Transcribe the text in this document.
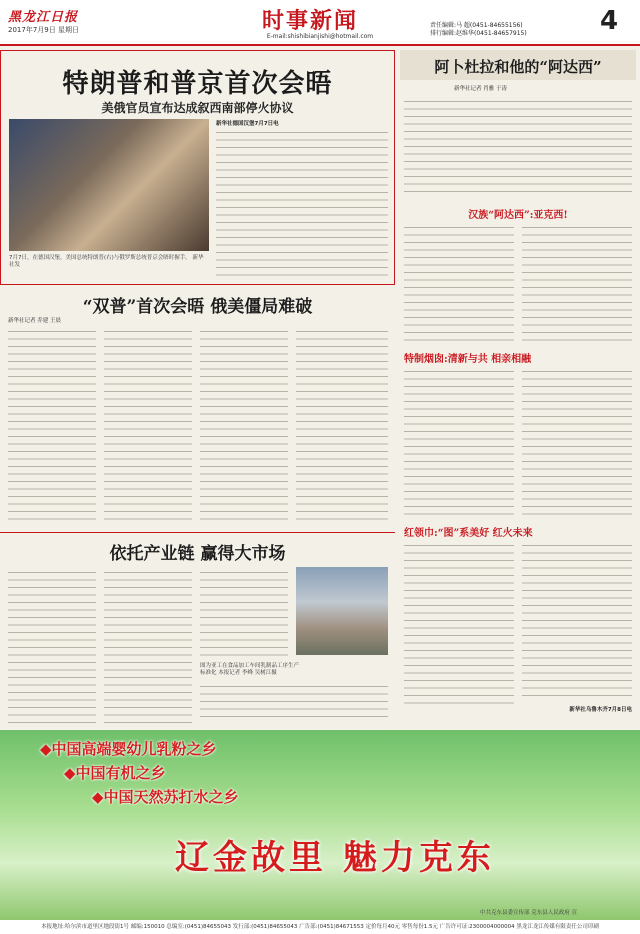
黑龙江日报
2017年7月9日 星期日	时事新闻
E-mail:shishibianjishi@hotmail.com
责任编辑:马 超(0451-84655156)
排行编辑:赵维华(0451-84657915)	4
特朗普和普京首次会晤
美俄官员宣布达成叙西南部停火协议
7月7日，在德国汉堡，美国总统特朗普(右)与俄罗斯总统普京会晤时握手。 新华社发
新华社德国汉堡7月7日电
“双普”首次会晤 俄美僵局难破
新华社记者 乔建 王晨
依托产业链 赢得大市场
图为亚工在食品加工车间乳制品工序生产
标准化 本报记者 李峰 吴树江摄
阿卜杜拉和他的“阿达西”
新华社记者 肖雅 于涛
汉族“阿达西”:亚克西!
特制烟囱:清新与共 相亲相融
红领巾:“图”系美好 红火未来
新华社乌鲁木齐7月8日电
◆中国高端婴幼儿乳粉之乡
◆中国有机之乡
◆中国天然苏打水之乡
辽金故里 魅力克东
中共克东县委宣传部 克东县人民政府 宣
本报地址:哈尔滨市道里区地段街1号 邮编:150010 总编室:(0451)84655043 发行部:(0451)84655043 广告部:(0451)84671553 定价每月40元 零售每份1.5元 广告许可证:2300004000004 黑龙江龙江传媒有限责任公司印刷
